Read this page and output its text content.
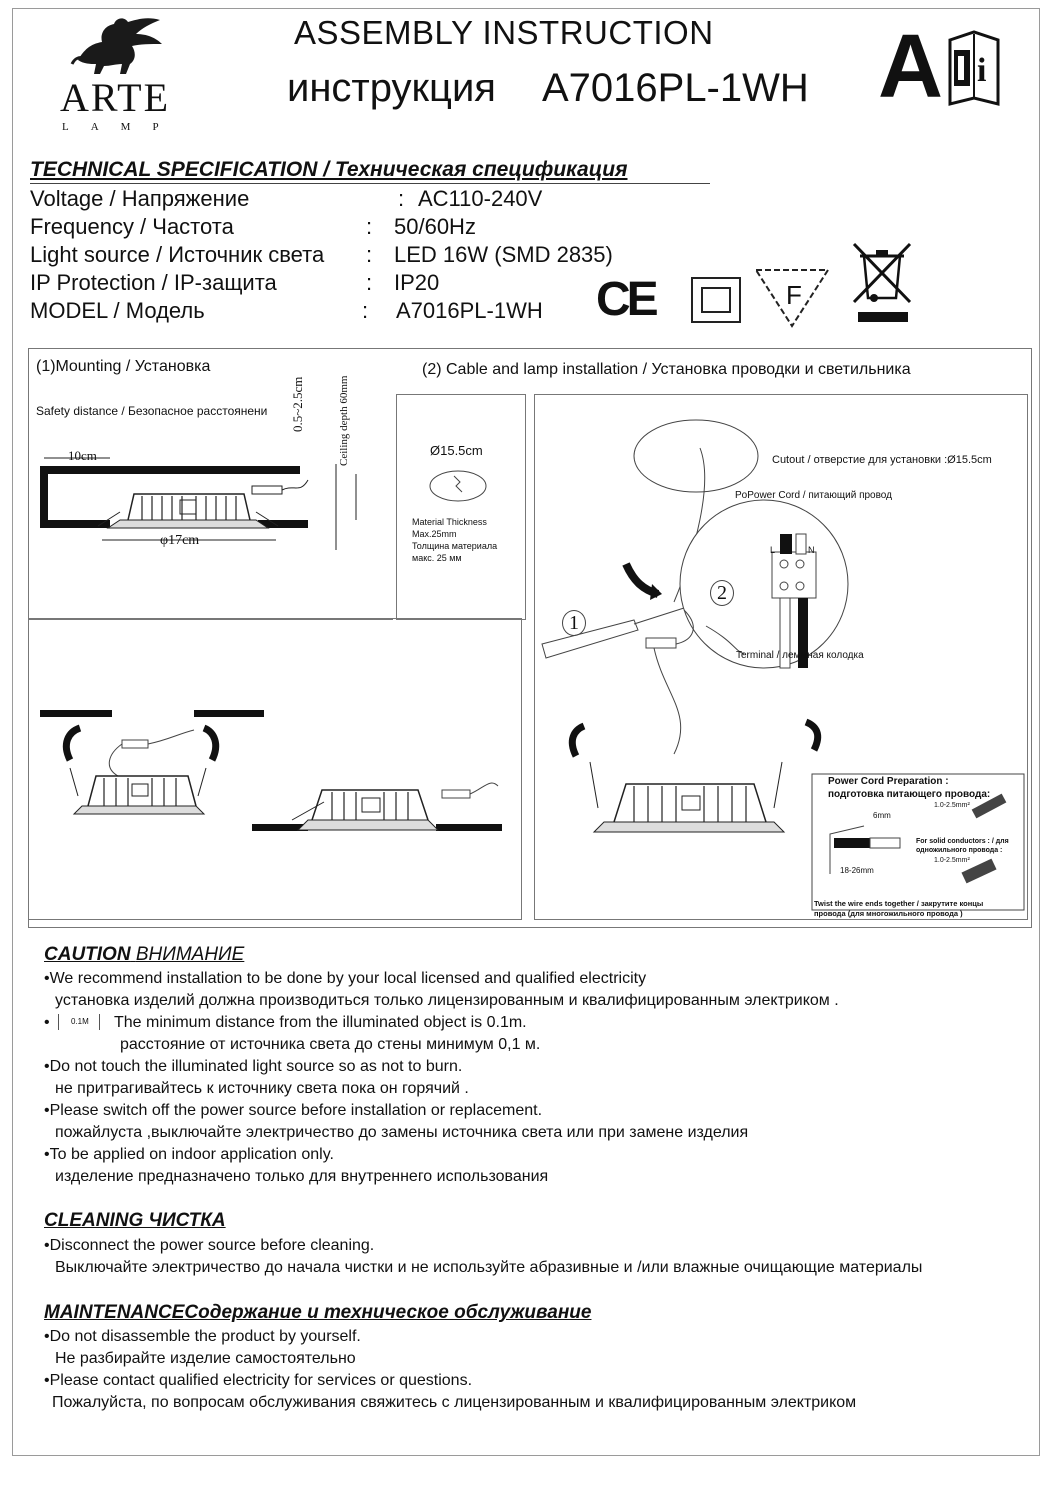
ARTE
LAMP
ASSEMBLY INSTRUCTION
инструкция A7016PL-1WH A i
TECHNICAL SPECIFICATION / Техническая спецификация
Voltage / Напряжение	: AC110-240V
Frequency / Частота	: 50/60Hz
Light source / Источник света : LED 16W (SMD 2835)
IP Protection / IP-защита	: IP20
MODEL / Модель	: A7016PL-1WH CE	F
(1)Mounting / Установка	(2) Cable and lamp installation / Установка проводки и светильника
Safety distance / Безопасное расстоянени
10cm
φ17cm
0.5~2.5cm	Ceiling depth 60mm	Ø15.5cm
Material Thickness
Max.25mm
Толщина материала
макс. 25 мм
Cutout / отверстие для установки :Ø15.5cm
PoPower Cord / питающий провод
Terminal / леммная колодка
1
2
L	N
Power Cord Preparation :
подготовка питающего провода:
6mm
18-26mm
1.0-2.5mm²
For solid conductors : / для
одножильного провода :
1.0-2.5mm²
Twist the wire ends together / закрутите концы
провода (для многожильного провода )
CAUTION ВНИМАНИЕ
•We recommend installation to be done by your local licensed and qualified electricity
установка изделий должна производиться только лицензированным и квалифицированным электриком .
•	0.1M The minimum distance from the illuminated object is 0.1m.
расстояние от источника света до стены минимум 0,1 м.
•Do not touch the illuminated light source so as not to burn.
не притрагивайтесь к источнику света пока он горячий .
•Please switch off the power source before installation or replacement.
пожайлуста ,выключайте электричество до замены источника света или при замене изделия
•To be applied on indoor application only.
изделение предназначено только для внутреннего использования
CLEANING ЧИСТКА
•Disconnect the power source before cleaning.
Выключайте электричество до начала чистки и не используйте абразивные и /или влажные очищающие материалы
MAINTENANCEСодержание и техническое обслуживание
•Do not disassemble the product by yourself.
Не разбирайте изделие самостоятельно
•Please contact qualified electricity for services or questions.
Пожалуйста, по вопросам обслуживания свяжитесь с лицензированным и квалифицированным электриком
